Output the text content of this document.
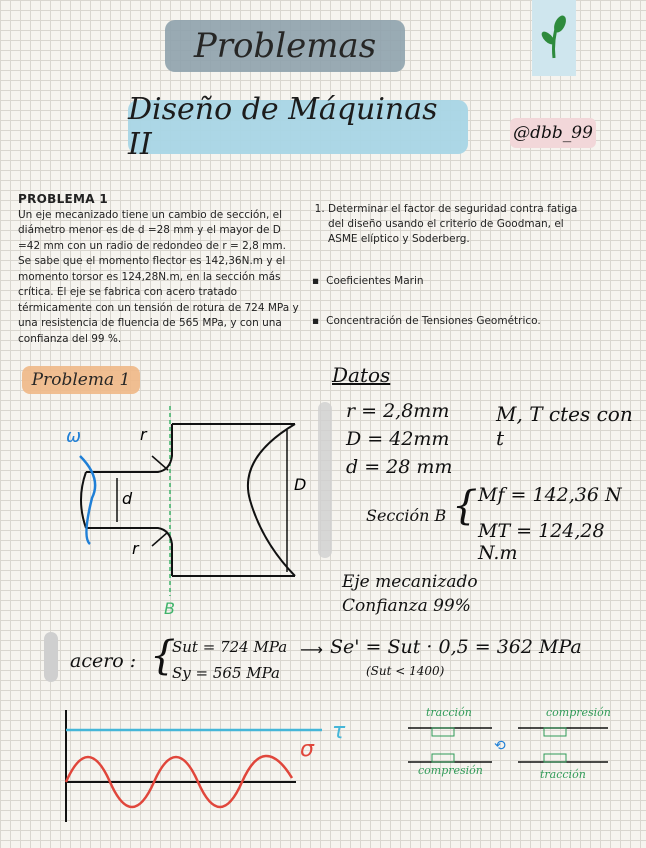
Problemas
Diseño de Máquinas II	@dbb_99
PROBLEMA 1
Un eje mecanizado tiene un cambio de sección, el diámetro menor es de d =28 mm y el mayor de D =42 mm con un radio de redondeo de r = 2,8 mm. Se sabe que el momento flector es 142,36N.m y el momento torsor es 124,28N.m, en la sección más crítica. El eje se fabrica con acero tratado térmicamente con un tensión de rotura de 724 MPa y una resistencia de fluencia de 565 MPa, y con una confianza del 99 %.
1. Determinar el factor de seguridad contra fatiga del diseño usando el criterio de Goodman, el ASME elíptico y Soderberg.
▪ Coeficientes Marin
▪ Concentración de Tensiones Geométrico.
Problema 1
ω	r
r
d
D
B
Datos
r = 2,8mm
D = 42mm
d = 28 mm
M, T ctes con t
Sección B { Mf = 142,36 N
MT = 124,28 N.m
Eje mecanizado
Confianza 99%
acero : {
Sut = 724 MPa
Sy = 565 MPa
⟶ Se' = Sut · 0,5 = 362 MPa
(Sut < 1400)
τ
σ	⟲
tracción	compresión
compresión	tracción
